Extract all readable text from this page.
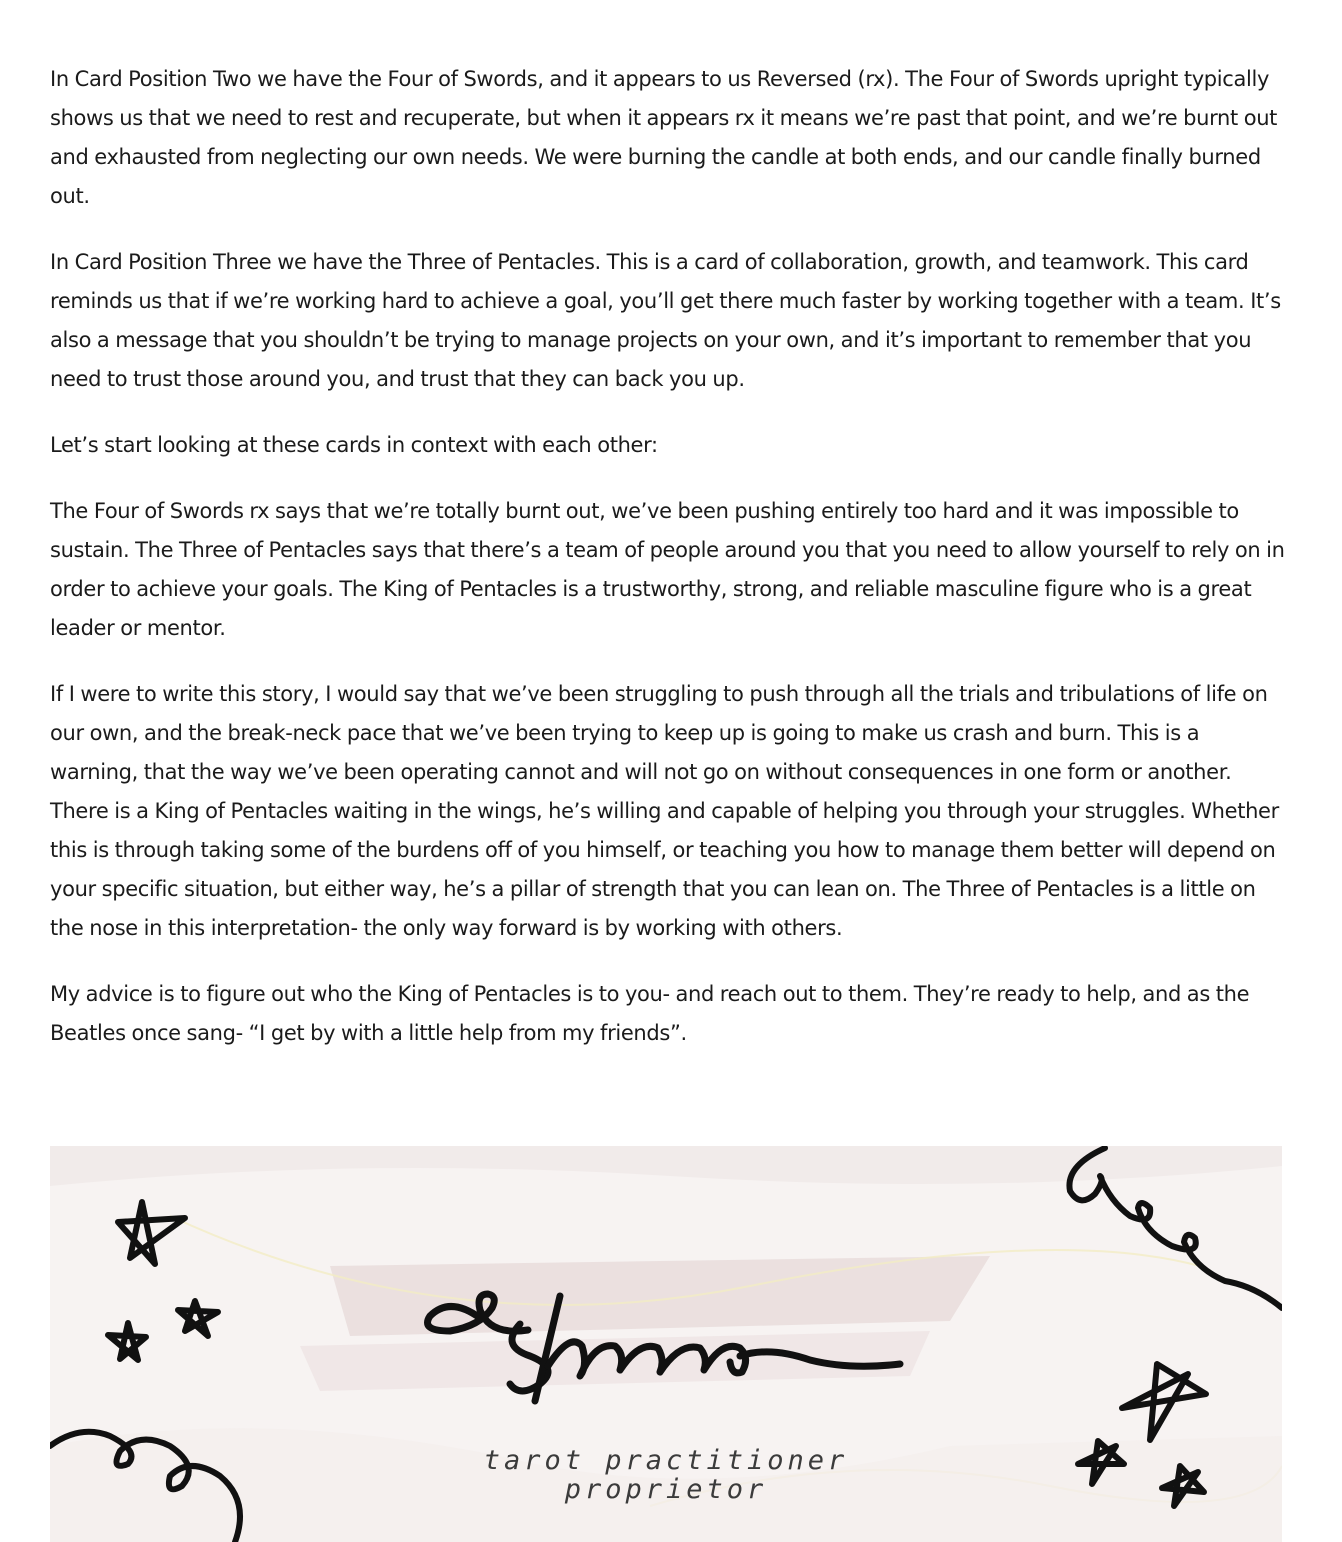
In Card Position Two we have the Four of Swords, and it appears to us Reversed (rx). The Four of Swords upright typically shows us that we need to rest and recuperate, but when it appears rx it means we’re past that point, and we’re burnt out and exhausted from neglecting our own needs. We were burning the candle at both ends, and our candle finally burned out.

In Card Position Three we have the Three of Pentacles. This is a card of collaboration, growth, and teamwork. This card reminds us that if we’re working hard to achieve a goal, you’ll get there much faster by working together with a team. It’s also a message that you shouldn’t be trying to manage projects on your own, and it’s important to remember that you need to trust those around you, and trust that they can back you up.

Let’s start looking at these cards in context with each other:

The Four of Swords rx says that we’re totally burnt out, we’ve been pushing entirely too hard and it was impossible to sustain. The Three of Pentacles says that there’s a team of people around you that you need to allow yourself to rely on in order to achieve your goals. The King of Pentacles is a trustworthy, strong, and reliable masculine figure who is a great leader or mentor.

If I were to write this story, I would say that we’ve been struggling to push through all the trials and tribulations of life on our own, and the break-neck pace that we’ve been trying to keep up is going to make us crash and burn. This is a warning, that the way we’ve been operating cannot and will not go on without consequences in one form or another. There is a King of Pentacles waiting in the wings, he’s willing and capable of helping you through your struggles. Whether this is through taking some of the burdens off of you himself, or teaching you how to manage them better will depend on your specific situation, but either way, he’s a pillar of strength that you can lean on. The Three of Pentacles is a little on the nose in this interpretation- the only way forward is by working with others.

My advice is to figure out who the King of Pentacles is to you- and reach out to them. They’re ready to help, and as the Beatles once sang- “I get by with a little help from my friends”.

tarot practitioner
proprietor
